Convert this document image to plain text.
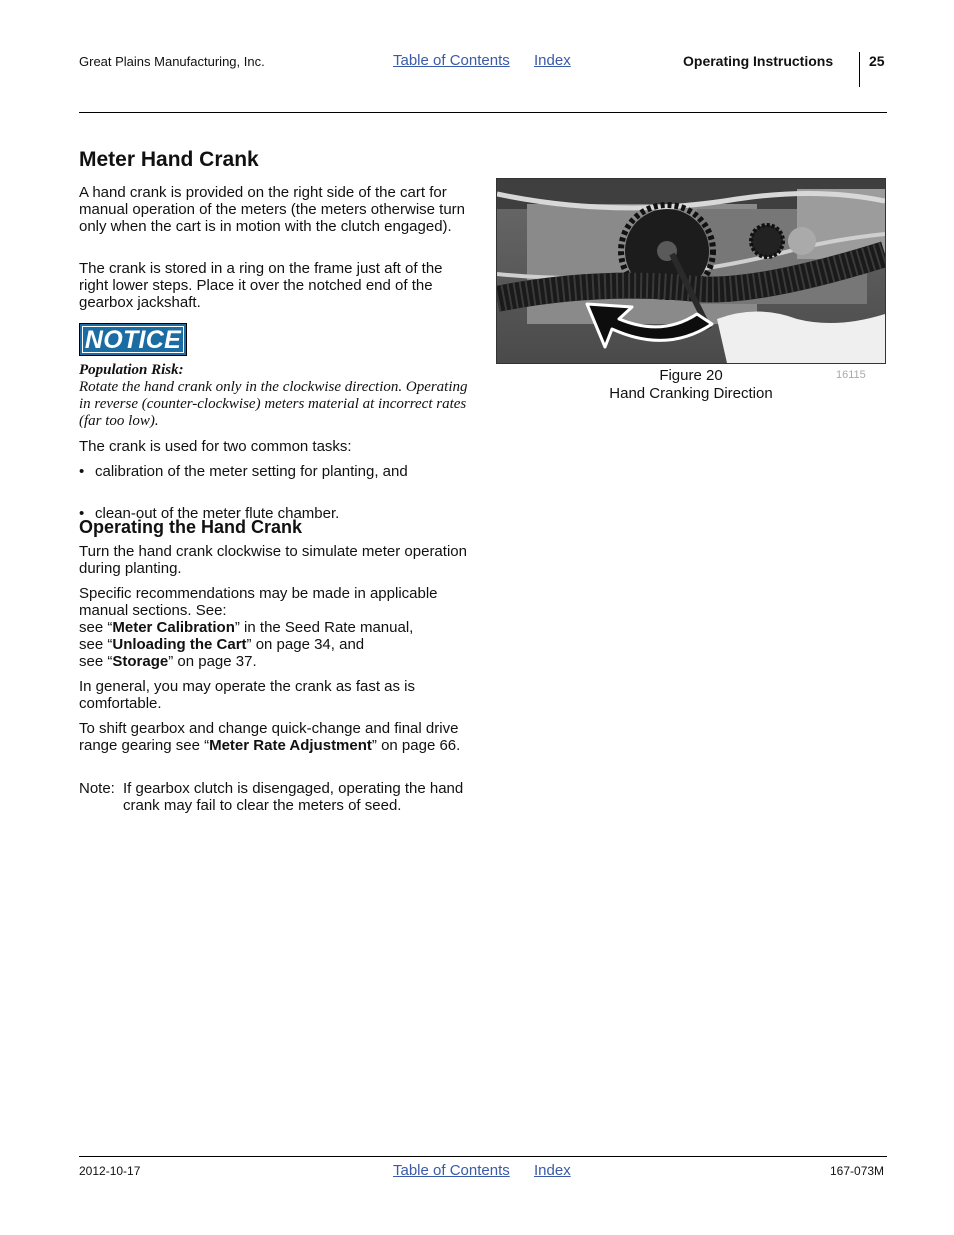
Great Plains Manufacturing, Inc.	Table of Contents Index	Operating Instructions	25
Meter Hand Crank

A hand crank is provided on the right side of the cart for manual operation of the meters (the meters otherwise turn only when the cart is in motion with the clutch engaged).

The crank is stored in a ring on the frame just aft of the right lower steps. Place it over the notched end of the gearbox jackshaft.

NOTICE
Population Risk:
Rotate the hand crank only in the clockwise direction. Operating in reverse (counter-clockwise) meters material at incorrect rates (far too low).
The crank is used for two common tasks:
• calibration of the meter setting for planting, and
• clean-out of the meter flute chamber.
Operating the Hand Crank
Turn the hand crank clockwise to simulate meter operation during planting.
Specific recommendations may be made in applicable manual sections. See:
see “Meter Calibration” in the Seed Rate manual,
see “Unloading the Cart” on page 34, and
see “Storage” on page 37.
In general, you may operate the crank as fast as is comfortable.
To shift gearbox and change quick-change and final drive range gearing see “Meter Rate Adjustment” on page 66.
Note: If gearbox clutch is disengaged, operating the hand crank may fail to clear the meters of seed.
Figure 20
Hand Cranking Direction
16115
2012-10-17	Table of Contents Index	167-073M
